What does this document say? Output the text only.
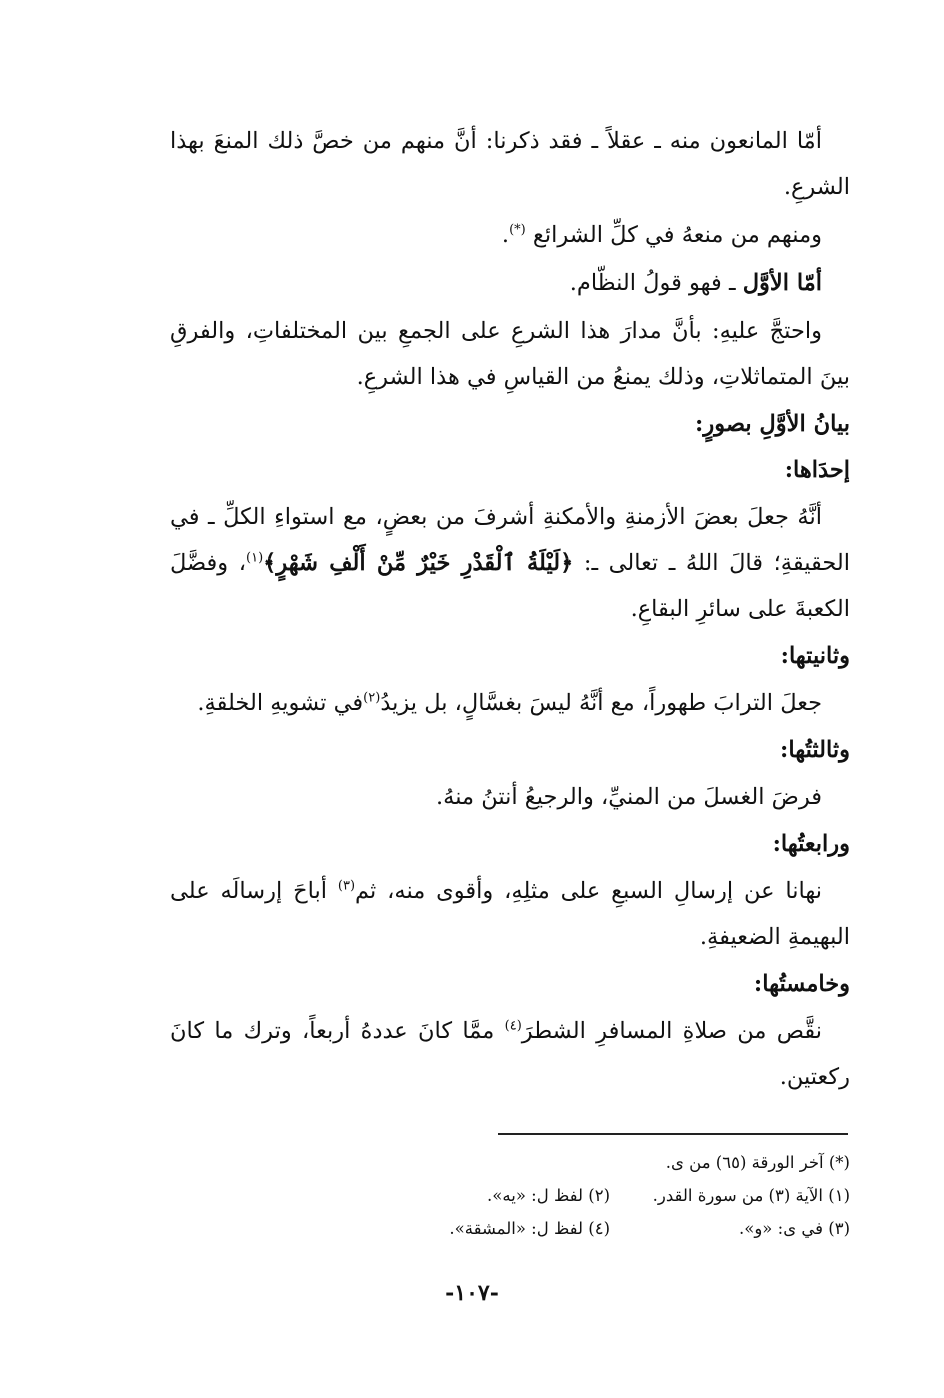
أمّا المانعون منه ـ عقلاً ـ فقد ذكرنا: أنَّ منهم من خصَّ ذلك المنعَ بهذا الشرعِ.

ومنهم من منعهُ في كلِّ الشرائع (*).

أمّا الأوَّل ـ فهو قولُ النظّام.

واحتجَّ عليهِ: بأنَّ مدارَ هذا الشرعِ على الجمعِ بين المختلفاتِ، والفرقِ بينَ المتماثلاتِ، وذلك يمنعُ من القياسِ في هذا الشرعِ.

بيانُ الأوَّلِ بصورٍ:

إحدَاها:

أنَّهُ جعلَ بعضَ الأزمنةِ والأمكنةِ أشرفَ من بعضٍ، مع استواءِ الكلِّ ـ في الحقيقةِ؛ قالَ اللهُ ـ تعالى ـ: ﴿لَيْلَةُ ٱلْقَدْرِ خَيْرٌ مِّنْ أَلْفِ شَهْرٍ﴾$^{(١)}$، وفضَّلَ الكعبةَ على سائرِ البقاعِ.

وثانيتها:

جعلَ الترابَ طهوراً، مع أنَّهُ ليسَ بغسَّالٍ، بل يزيدُ$^{(٢)}$في تشويهِ الخلقةِ.

وثالثتُها:

فرضَ الغسلَ من المنيِّ، والرجيعُ أنتنُ منهُ.

ورابعتُها:

نهانا عن إرسالِ السبعِ على مثلِهِ، وأقوى منه، ثم$^{(٣)}$ أباحَ إرسالَه على البهيمةِ الضعيفةِ.

وخامستُها:

نقَّص من صلاةِ المسافرِ الشطرَ$^{(٤)}$ ممَّا كانَ عددهُ أربعاً، وترك ما كانَ ركعتين.

(*) آخر الورقة (٦٥) من ى.
(١) الآية (٣) من سورة القدر.
(٢) لفظ ل: «يه».
(٣) في ى: «و».
(٤) لفظ ل: «المشقة».
-١٠٧-
